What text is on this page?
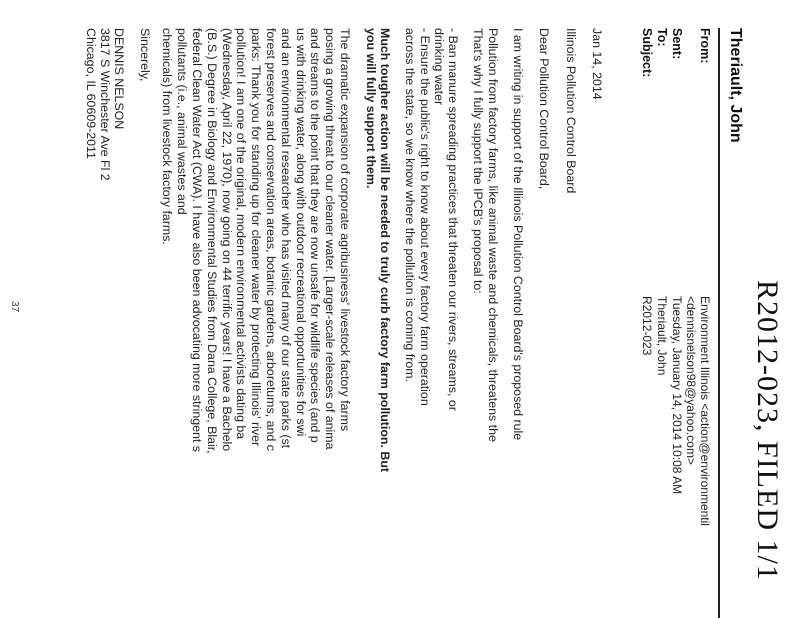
R2012-023, FILED 1/1
Theriault, John
From:
Environment Illinois <action@environmentil
<dennisnelson98@yahoo.com>
Sent:
Tuesday, January 14, 2014 10:08 AM
To:
Theriault, John
Subject:
R2012-023
Jan 14, 2014
Illinois Pollution Control Board
Dear Pollution Control Board,
I am writing in support of the Illinois Pollution Control Board's proposed rule
Pollution from factory farms, like animal waste and chemicals, threatens the
That's why I fully support the IPCB's proposal to:
- Ban manure spreading practices that threaten our rivers, streams, or
drinking water
- Ensure the public's right to know about every factory farm operation
across the state, so we know where the pollution is coming from.
Much tougher action will be needed to truly curb factory farm pollution. But
you will fully support them.
The dramatic expansion of corporate agribusiness' livestock factory farms
posing a growing threat to our cleaner water. [Larger-scale releases of anima
and streams to the point that they are now unsafe for wildlife species (and p
us with drinking water, along with outdoor recreational opportunities for swi
and an environmental researcher who has visited many of our state parks (st
forest preserves and conservation areas, botanic gardens, arboretums, and c
parks: Thank you for standing up for cleaner water by protecting Illinois' river
pollution! I am one of the original, modern environmental activists dating ba
(Wednesday, April 22, 1970), now going on 44 terrific years! I have a Bachelo
(B.S.) Degree in Biology and Environmental Studies from Dana College, Blair,
federal Clean Water Act (CWA). I have also been advocating more stringent s
pollutants (i.e., animal wastes and
chemicals) from livestock factory farms.
Sincerely,
DENNIS NELSON
3817 S Winchester Ave Fl 2
Chicago, IL 60609-2011
37
